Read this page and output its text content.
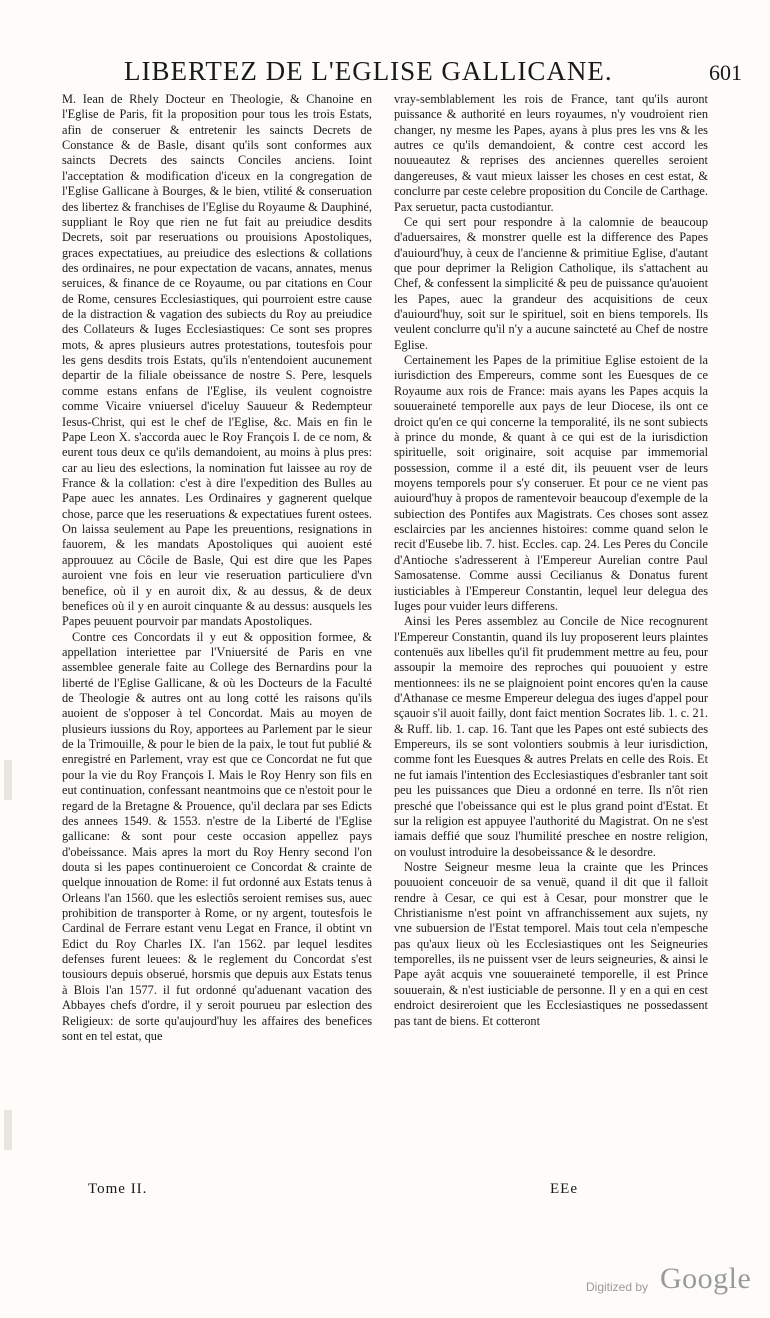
LIBERTEZ DE L'EGLISE GALLICANE.	601

M. Iean de Rhely Docteur en Theologie, & Chanoine en l'Eglise de Paris, fit la proposition pour tous les trois Estats, afin de conseruer & entretenir les saincts Decrets de Constance & de Basle, disant qu'ils sont conformes aux saincts Decrets des saincts Conciles anciens. Ioint l'acceptation & modification d'iceux en la congregation de l'Eglise Gallicane à Bourges, & le bien, vtilité & conseruation des libertez & franchises de l'Eglise du Royaume & Dauphiné, suppliant le Roy que rien ne fut fait au preiudice desdits Decrets, soit par reseruations ou prouisions Apostoliques, graces expectatiues, au preiudice des eslections & collations des ordinaires, ne pour expectation de vacans, annates, menus seruices, & finance de ce Royaume, ou par citations en Cour de Rome, censures Ecclesiastiques, qui pourroient estre cause de la distraction & vagation des subiects du Roy au preiudice des Collateurs & Iuges Ecclesiastiques: Ce sont ses propres mots, & apres plusieurs autres protestations, toutesfois pour les gens desdits trois Estats, qu'ils n'entendoient aucunement departir de la filiale obeissance de nostre S. Pere, lesquels comme estans enfans de l'Eglise, ils veulent cognoistre comme Vicaire vniuersel d'iceluy Sauueur & Redempteur Iesus-Christ, qui est le chef de l'Eglise, &c. Mais en fin le Pape Leon X. s'accorda auec le Roy François I. de ce nom, & eurent tous deux ce qu'ils demandoient, au moins à plus pres: car au lieu des eslections, la nomination fut laissee au roy de France & la collation: c'est à dire l'expedition des Bulles au Pape auec les annates. Les Ordinaires y gagnerent quelque chose, parce que les reseruations & expectatiues furent ostees. On laissa seulement au Pape les preuentions, resignations in fauorem, & les mandats Apostoliques qui auoient esté approuuez au Côcile de Basle, Qui est dire que les Papes auroient vne fois en leur vie reseruation particuliere d'vn benefice, où il y en auroit dix, & au dessus, & de deux benefices où il y en auroit cinquante & au dessus: ausquels les Papes peuuent pourvoir par mandats Apostoliques.

Contre ces Concordats il y eut & opposition formee, & appellation interiettee par l'Vniuersité de Paris en vne assemblee generale faite au College des Bernardins pour la liberté de l'Eglise Gallicane, & où les Docteurs de la Faculté de Theologie & autres ont au long cotté les raisons qu'ils auoient de s'opposer à tel Concordat. Mais au moyen de plusieurs iussions du Roy, apportees au Parlement par le sieur de la Trimouille, & pour le bien de la paix, le tout fut publié & enregistré en Parlement, vray est que ce Concordat ne fut que pour la vie du Roy François I. Mais le Roy Henry son fils en eut continuation, confessant neantmoins que ce n'estoit pour le regard de la Bretagne & Prouence, qu'il declara par ses Edicts des annees 1549. & 1553. n'estre de la Liberté de l'Eglise gallicane: & sont pour ceste occasion appellez pays d'obeissance. Mais apres la mort du Roy Henry second l'on douta si les papes continueroient ce Concordat & crainte de quelque innouation de Rome: il fut ordonné aux Estats tenus à Orleans l'an 1560. que les eslectiôs seroient remises sus, auec prohibition de transporter à Rome, or ny argent, toutesfois le Cardinal de Ferrare estant venu Legat en France, il obtint vn Edict du Roy Charles IX. l'an 1562. par lequel lesdites defenses furent leuees: & le reglement du Concordat s'est tousiours depuis obserué, horsmis que depuis aux Estats tenus à Blois l'an 1577. il fut ordonné qu'aduenant vacation des Abbayes chefs d'ordre, il y seroit pourueu par eslection des Religieux: de sorte qu'aujourd'huy les affaires des benefices sont en tel estat, que

vray-semblablement les rois de France, tant qu'ils auront puissance & authorité en leurs royaumes, n'y voudroient rien changer, ny mesme les Papes, ayans à plus pres les vns & les autres ce qu'ils demandoient, & contre cest accord les nouueautez & reprises des anciennes querelles seroient dangereuses, & vaut mieux laisser les choses en cest estat, & conclurre par ceste celebre proposition du Concile de Carthage. Pax seruetur, pacta custodiantur.

Ce qui sert pour respondre à la calomnie de beaucoup d'aduersaires, & monstrer quelle est la difference des Papes d'auiourd'huy, à ceux de l'ancienne & primitiue Eglise, d'autant que pour deprimer la Religion Catholique, ils s'attachent au Chef, & confessent la simplicité & peu de puissance qu'auoient les Papes, auec la grandeur des acquisitions de ceux d'auiourd'huy, soit sur le spirituel, soit en biens temporels. Ils veulent conclurre qu'il n'y a aucune saincteté au Chef de nostre Eglise.

Certainement les Papes de la primitiue Eglise estoient de la iurisdiction des Empereurs, comme sont les Euesques de ce Royaume aux rois de France: mais ayans les Papes acquis la souueraineté temporelle aux pays de leur Diocese, ils ont ce droict qu'en ce qui concerne la temporalité, ils ne sont subiects à prince du monde, & quant à ce qui est de la iurisdiction spirituelle, soit originaire, soit acquise par immemorial possession, comme il a esté dit, ils peuuent vser de leurs moyens temporels pour s'y conseruer. Et pour ce ne vient pas auiourd'huy à propos de ramentevoir beaucoup d'exemple de la subiection des Pontifes aux Magistrats. Ces choses sont assez esclaircies par les anciennes histoires: comme quand selon le recit d'Eusebe lib. 7. hist. Eccles. cap. 24. Les Peres du Concile d'Antioche s'adresserent à l'Empereur Aurelian contre Paul Samosatense. Comme aussi Cecilianus & Donatus furent iusticiables à l'Empereur Constantin, lequel leur delegua des Iuges pour vuider leurs differens.

Ainsi les Peres assemblez au Concile de Nice recognurent l'Empereur Constantin, quand ils luy proposerent leurs plaintes contenuës aux libelles qu'il fit prudemment mettre au feu, pour assoupir la memoire des reproches qui pouuoient y estre mentionnees: ils ne se plaignoient point encores qu'en la cause d'Athanase ce mesme Empereur delegua des iuges d'appel pour sçauoir s'il auoit failly, dont faict mention Socrates lib. 1. c. 21. & Ruff. lib. 1. cap. 16. Tant que les Papes ont esté subiects des Empereurs, ils se sont volontiers soubmis à leur iurisdiction, comme font les Euesques & autres Prelats en celle des Rois. Et ne fut iamais l'intention des Ecclesiastiques d'esbranler tant soit peu les puissances que Dieu a ordonné en terre. Ils n'ôt rien presché que l'obeissance qui est le plus grand point d'Estat. Et sur la religion est appuyee l'authorité du Magistrat. On ne s'est iamais deffié que souz l'humilité preschee en nostre religion, on voulust introduire la desobeissance & le desordre.

Nostre Seigneur mesme leua la crainte que les Princes pouuoient conceuoir de sa venuë, quand il dit que il falloit rendre à Cesar, ce qui est à Cesar, pour monstrer que le Christianisme n'est point vn affranchissement aux sujets, ny vne subuersion de l'Estat temporel. Mais tout cela n'empesche pas qu'aux lieux où les Ecclesiastiques ont les Seigneuries temporelles, ils ne puissent vser de leurs seigneuries, & ainsi le Pape ayât acquis vne souueraineté temporelle, il est Prince souuerain, & n'est iusticiable de personne. Il y en a qui en cest endroict desireroient que les Ecclesiastiques ne possedassent pas tant de biens. Et cotteront

Tome II.	EEe
Digitized by Google
